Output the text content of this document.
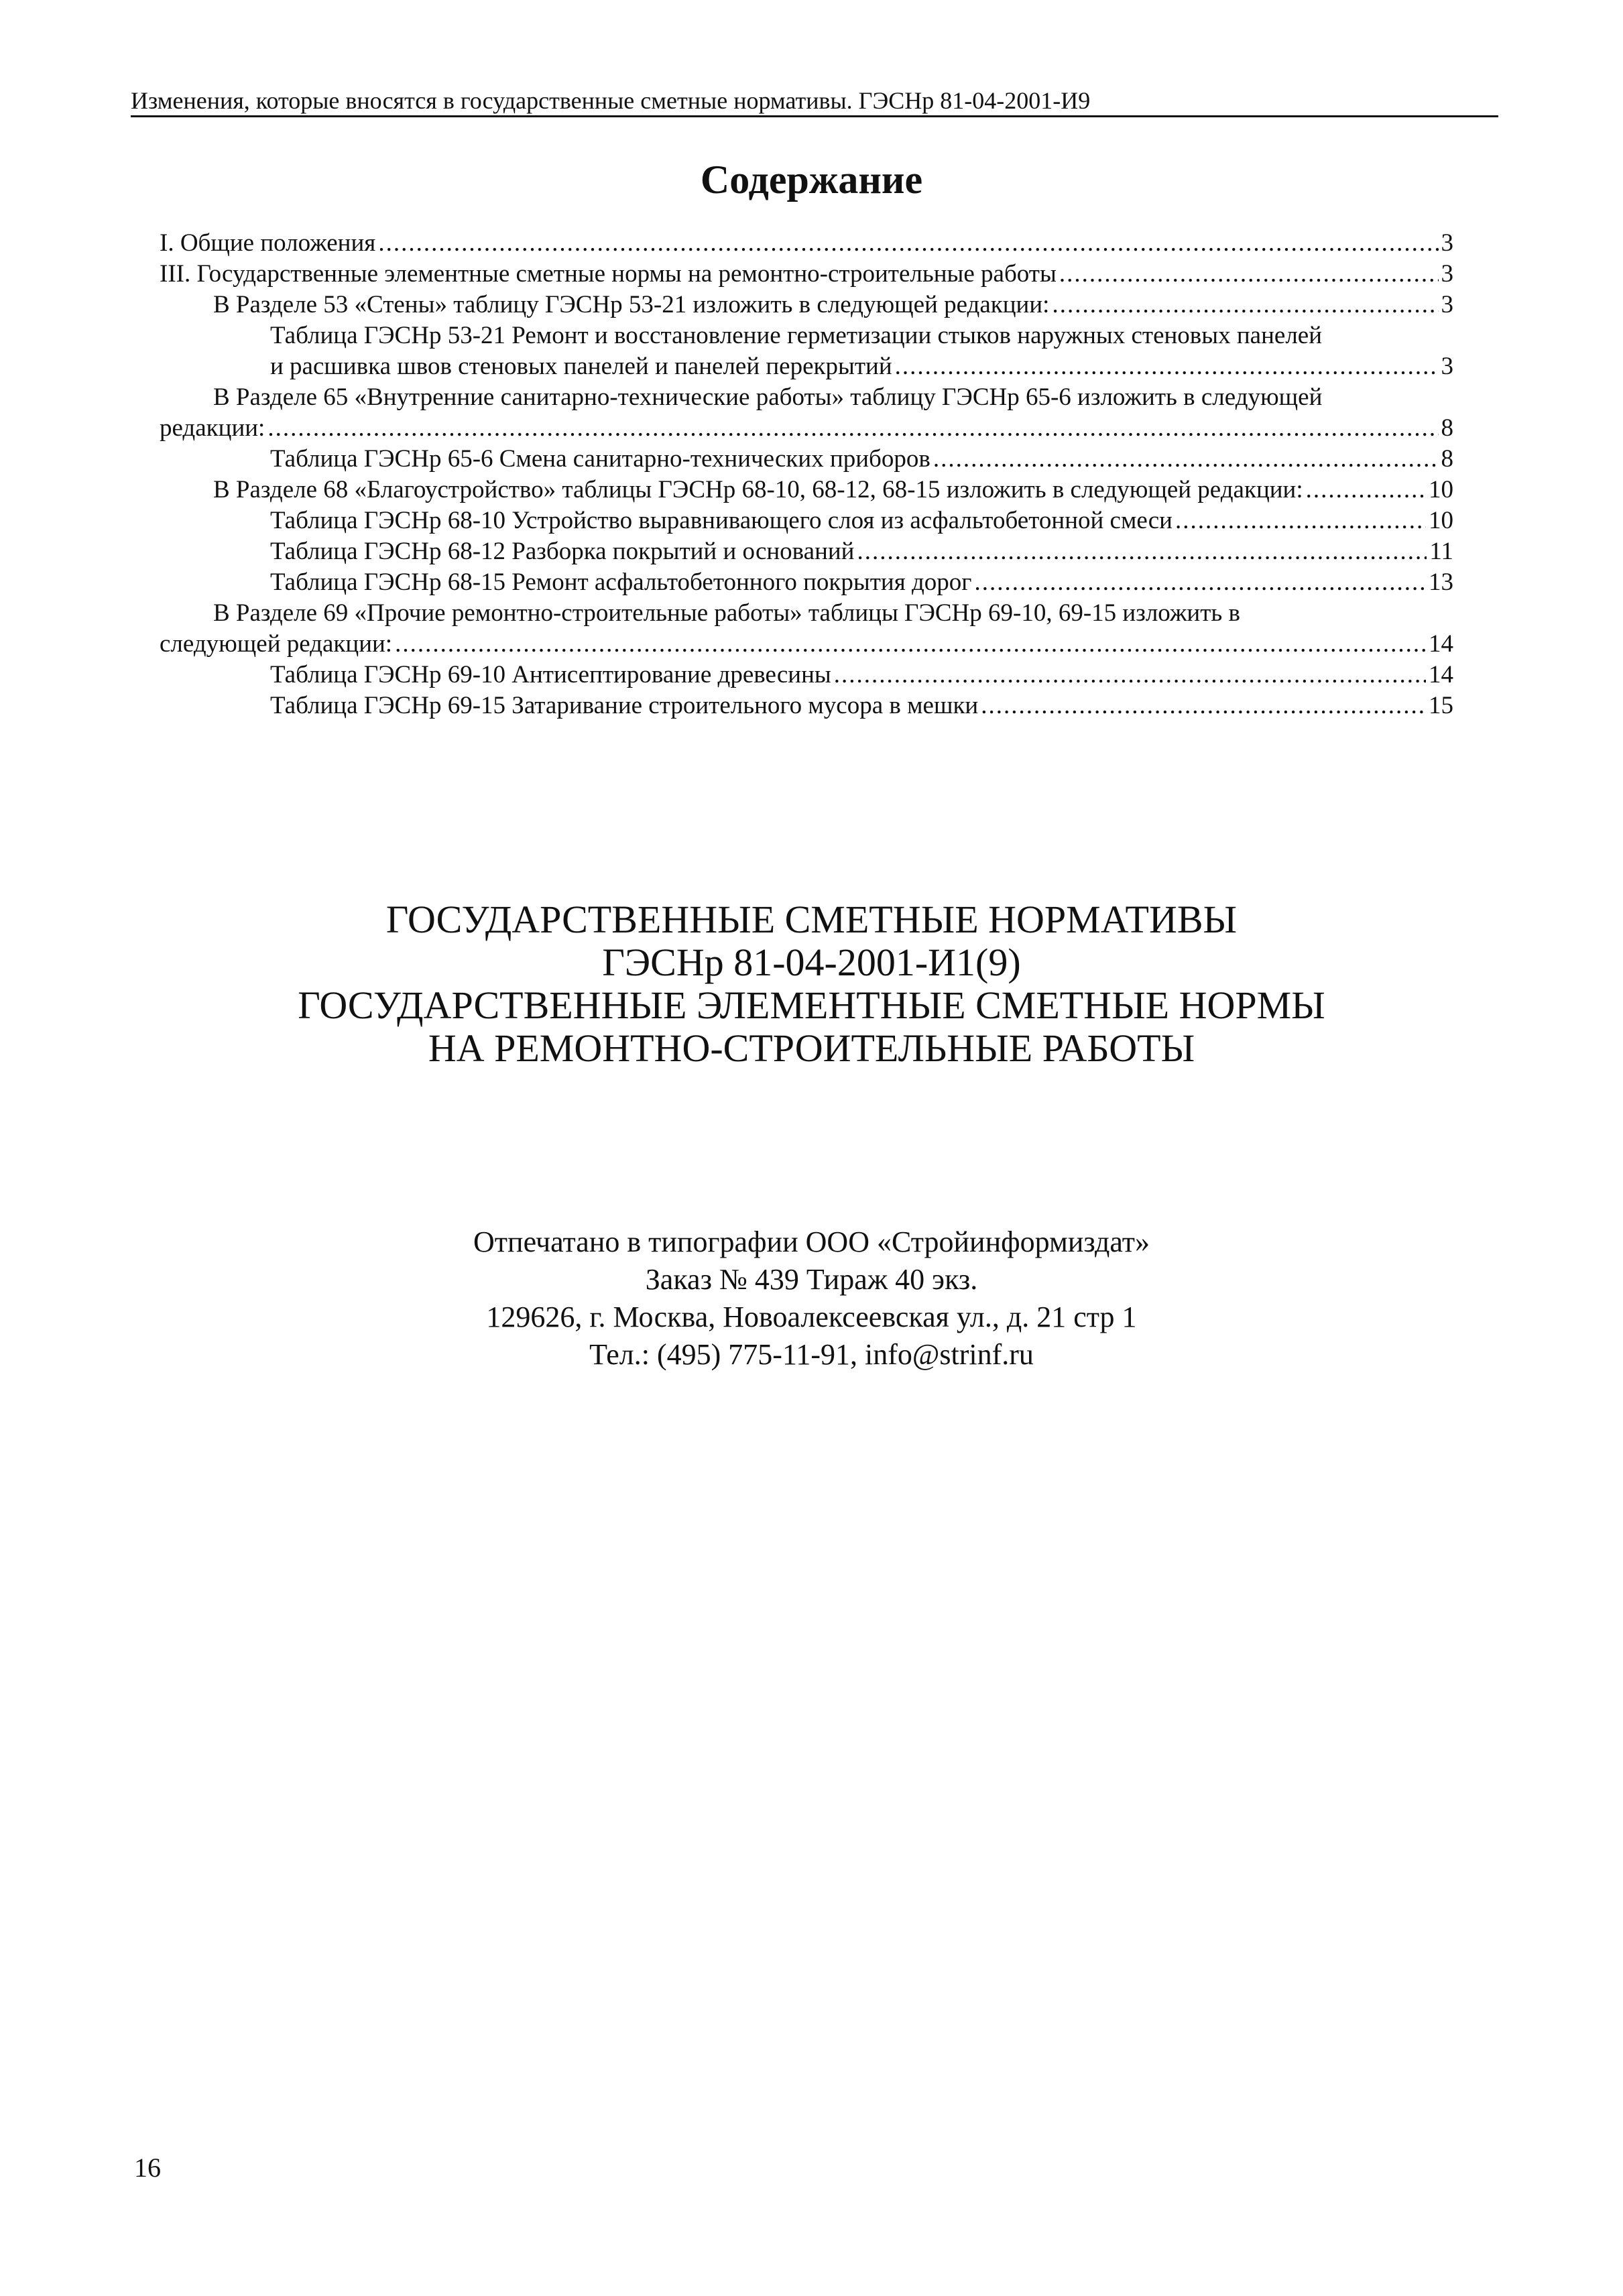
Изменения, которые вносятся в государственные сметные нормативы. ГЭСНр 81-04-2001-И9
Содержание
I. Общие положения .....	3
III. Государственные элементные сметные нормы на ремонтно-строительные работы .....	3
В Разделе 53 «Стены» таблицу ГЭСНр 53-21 изложить в следующей редакции: .....	3
Таблица ГЭСНр 53-21 Ремонт и восстановление герметизации стыков наружных стеновых панелей
и расшивка швов стеновых панелей и панелей перекрытий .....	3
В Разделе 65 «Внутренние санитарно-технические работы» таблицу ГЭСНр 65-6 изложить в следующей
редакции: .....	8
Таблица ГЭСНр 65-6 Смена санитарно-технических приборов .....	8
В Разделе 68 «Благоустройство» таблицы ГЭСНр 68-10, 68-12, 68-15 изложить в следующей редакции: .....	10
Таблица ГЭСНр 68-10 Устройство выравнивающего слоя из асфальтобетонной смеси .....	10
Таблица ГЭСНр 68-12 Разборка покрытий и оснований .....	11
Таблица ГЭСНр 68-15 Ремонт асфальтобетонного покрытия дорог .....	13
В Разделе 69 «Прочие ремонтно-строительные работы» таблицы ГЭСНр 69-10, 69-15 изложить в
следующей редакции: .....	14
Таблица ГЭСНр 69-10 Антисептирование древесины .....	14
Таблица ГЭСНр 69-15 Затаривание строительного мусора в мешки .....	15
ГОСУДАРСТВЕННЫЕ СМЕТНЫЕ НОРМАТИВЫ
ГЭСНр 81-04-2001-И1(9)
ГОСУДАРСТВЕННЫЕ ЭЛЕМЕНТНЫЕ СМЕТНЫЕ НОРМЫ
НА РЕМОНТНО-СТРОИТЕЛЬНЫЕ РАБОТЫ
Отпечатано в типографии ООО «Стройинформиздат»
Заказ № 439 Тираж 40 экз.
129626, г. Москва, Новоалексеевская ул., д. 21 стр 1
Тел.: (495) 775-11-91, info@strinf.ru
16
